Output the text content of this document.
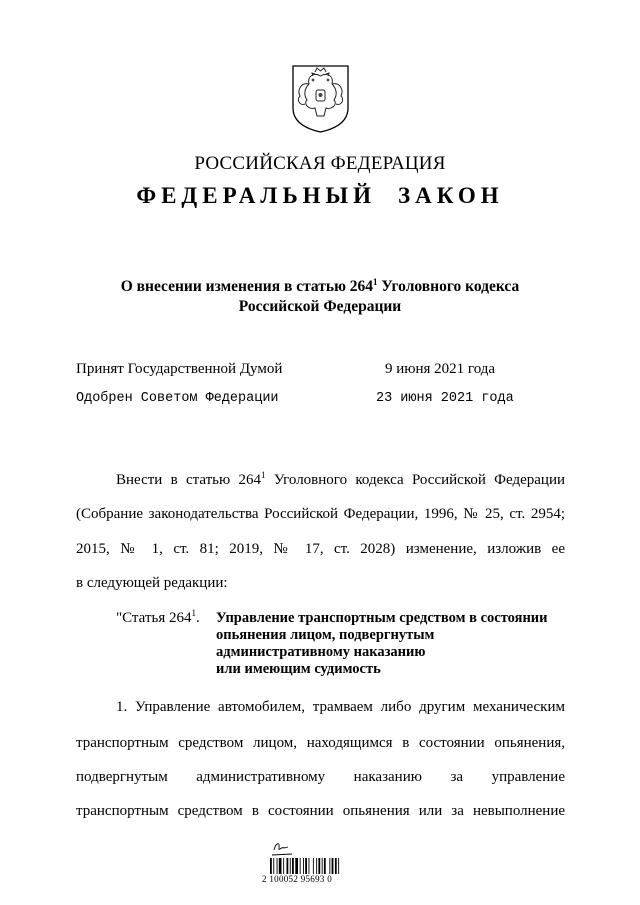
РОССИЙСКАЯ ФЕДЕРАЦИЯ
ФЕДЕРАЛЬНЫЙ ЗАКОН
О внесении изменения в статью $264^1$ Уголовного кодекса
Российской Федерации
Принят Государственной Думой	9 июня 2021 года
Одобрен Советом Федерации	23 июня 2021 года
Внести в статью $264^1$ Уголовного кодекса Российской Федерации
(Собрание законодательства Российской Федерации, 1996, № 25, ст. 2954;
2015, № 1, ст. 81; 2019, № 17, ст. 2028) изменение, изложив ее
в следующей редакции:
"Статья $264^1$. Управление транспортным средством в состоянии
опьянения лицом, подвергнутым
административному наказанию
или имеющим судимость
1. Управление автомобилем, трамваем либо другим механическим
транспортным средством лицом, находящимся в состоянии опьянения,
подвергнутым административному наказанию за управление
транспортным средством в состоянии опьянения или за невыполнение
2 100052 95693 0
